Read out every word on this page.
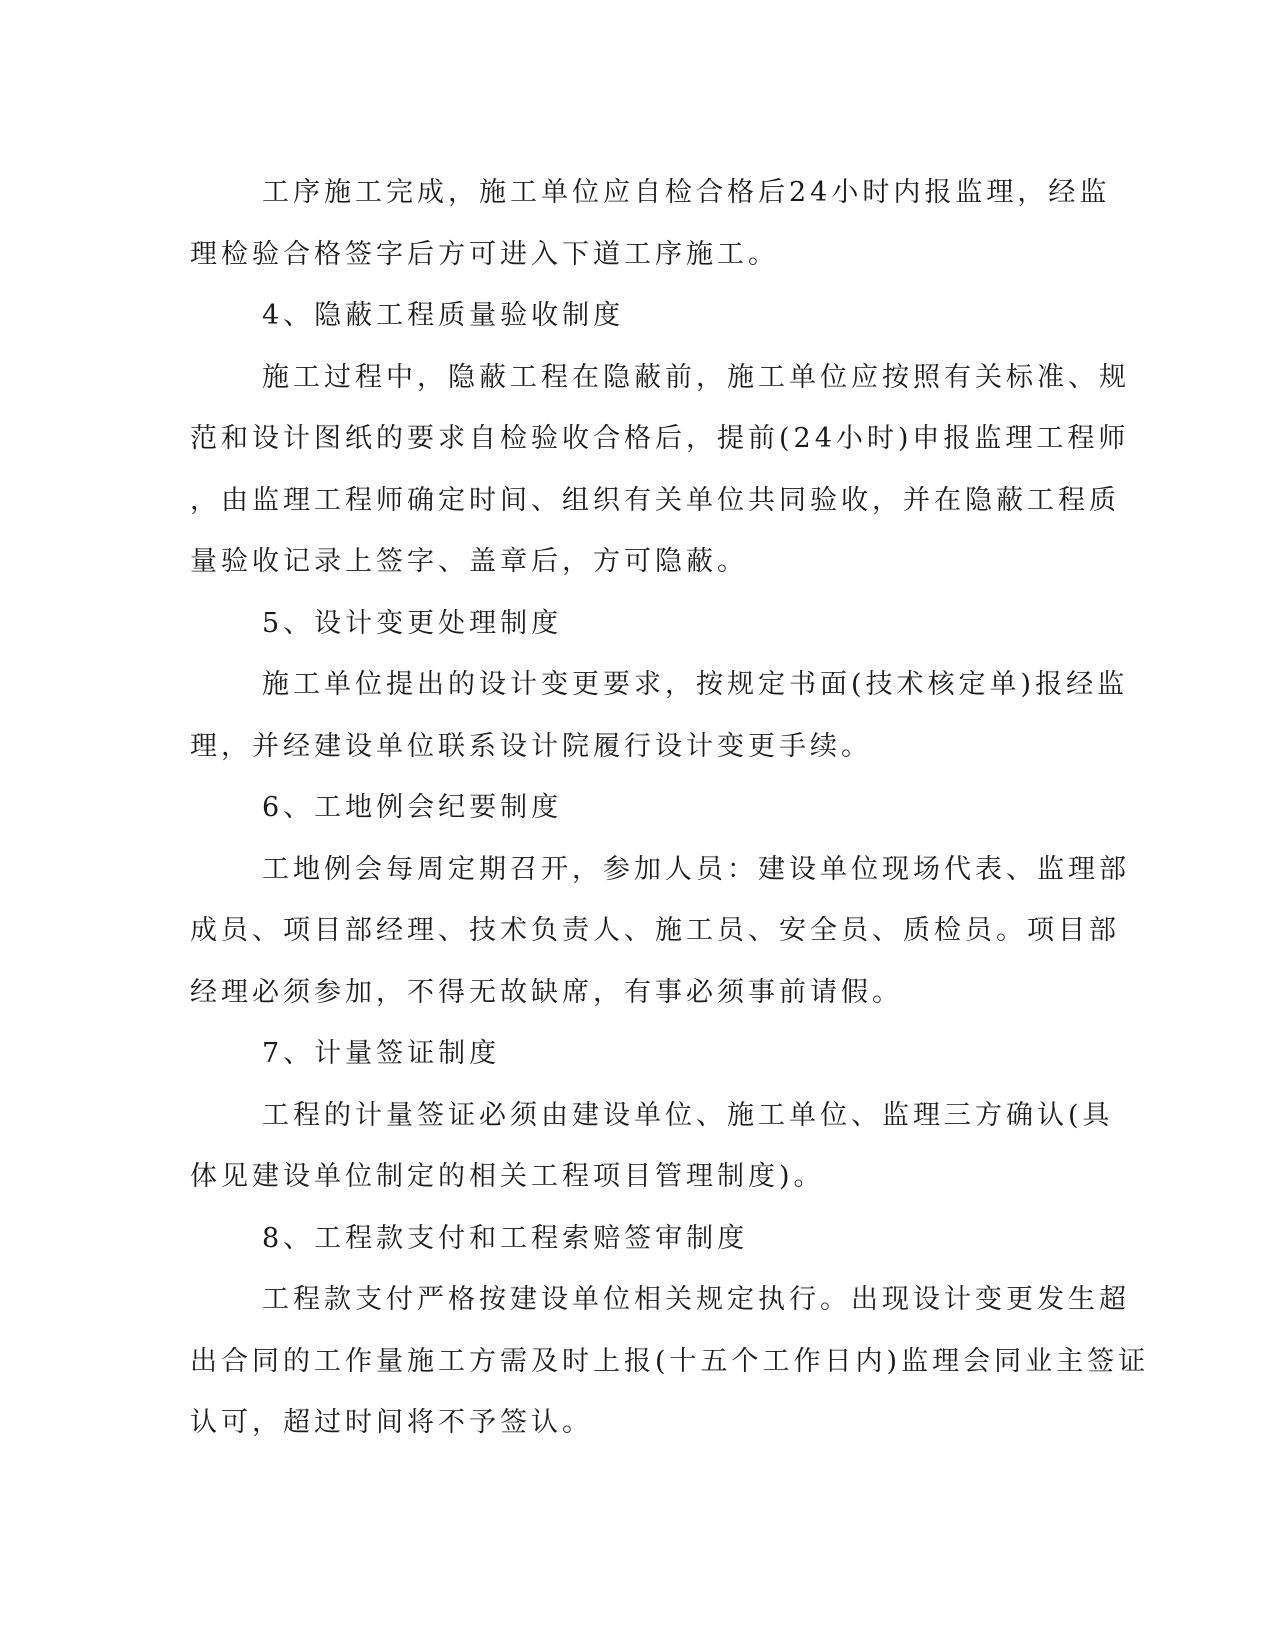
工序施工完成，施工单位应自检合格后24小时内报监理，经监
理检验合格签字后方可进入下道工序施工。
4、隐蔽工程质量验收制度
施工过程中，隐蔽工程在隐蔽前，施工单位应按照有关标准、规
范和设计图纸的要求自检验收合格后，提前(24小时)申报监理工程师
，由监理工程师确定时间、组织有关单位共同验收，并在隐蔽工程质
量验收记录上签字、盖章后，方可隐蔽。
5、设计变更处理制度
施工单位提出的设计变更要求，按规定书面(技术核定单)报经监
理，并经建设单位联系设计院履行设计变更手续。
6、工地例会纪要制度
工地例会每周定期召开，参加人员：建设单位现场代表、监理部
成员、项目部经理、技术负责人、施工员、安全员、质检员。项目部
经理必须参加，不得无故缺席，有事必须事前请假。
7、计量签证制度
工程的计量签证必须由建设单位、施工单位、监理三方确认(具
体见建设单位制定的相关工程项目管理制度)。
8、工程款支付和工程索赔签审制度
工程款支付严格按建设单位相关规定执行。出现设计变更发生超
出合同的工作量施工方需及时上报(十五个工作日内)监理会同业主签证
认可，超过时间将不予签认。
